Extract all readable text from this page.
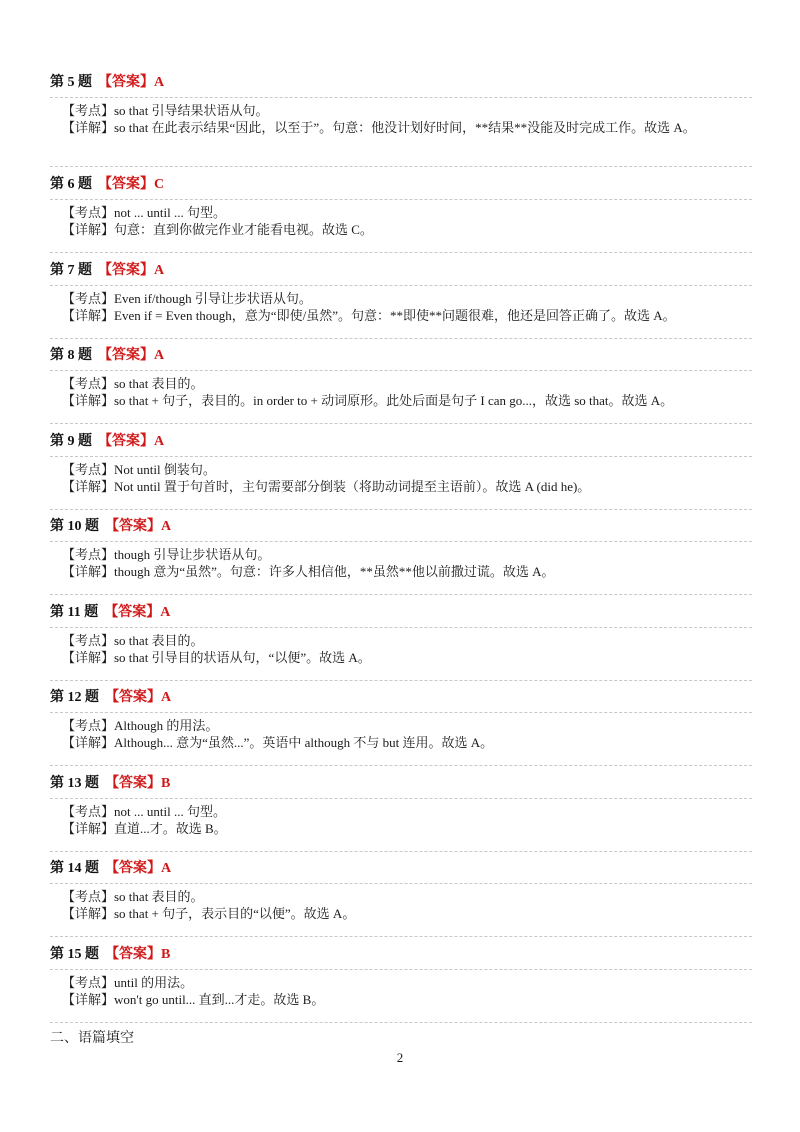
第 5 题 【答案】A
【考点】so that 引导结果状语从句。
【详解】so that 在此表示结果“因此，以至于”。句意：他没计划好时间，**结果**没能及时完成工作。故选 A。
第 6 题 【答案】C
【考点】not ... until ... 句型。
【详解】句意：直到你做完作业才能看电视。故选 C。
第 7 题 【答案】A
【考点】Even if/though 引导让步状语从句。
【详解】Even if = Even though，意为“即使/虽然”。句意：**即使**问题很难，他还是回答正确了。故选 A。
第 8 题 【答案】A
【考点】so that 表目的。
【详解】so that + 句子，表目的。in order to + 动词原形。此处后面是句子 I can go...，故选 so that。故选 A。
第 9 题 【答案】A
【考点】Not until 倒装句。
【详解】Not until 置于句首时，主句需要部分倒装（将助动词提至主语前）。故选 A (did he)。
第 10 题 【答案】A
【考点】though 引导让步状语从句。
【详解】though 意为“虽然”。句意：许多人相信他，**虽然**他以前撒过谎。故选 A。
第 11 题 【答案】A
【考点】so that 表目的。
【详解】so that 引导目的状语从句，“以便”。故选 A。
第 12 题 【答案】A
【考点】Although 的用法。
【详解】Although... 意为“虽然...”。英语中 although 不与 but 连用。故选 A。
第 13 题 【答案】B
【考点】not ... until ... 句型。
【详解】直道...才。故选 B。
第 14 题 【答案】A
【考点】so that 表目的。
【详解】so that + 句子，表示目的“以便”。故选 A。
第 15 题 【答案】B
【考点】until 的用法。
【详解】won't go until... 直到...才走。故选 B。
二、语篇填空
2
